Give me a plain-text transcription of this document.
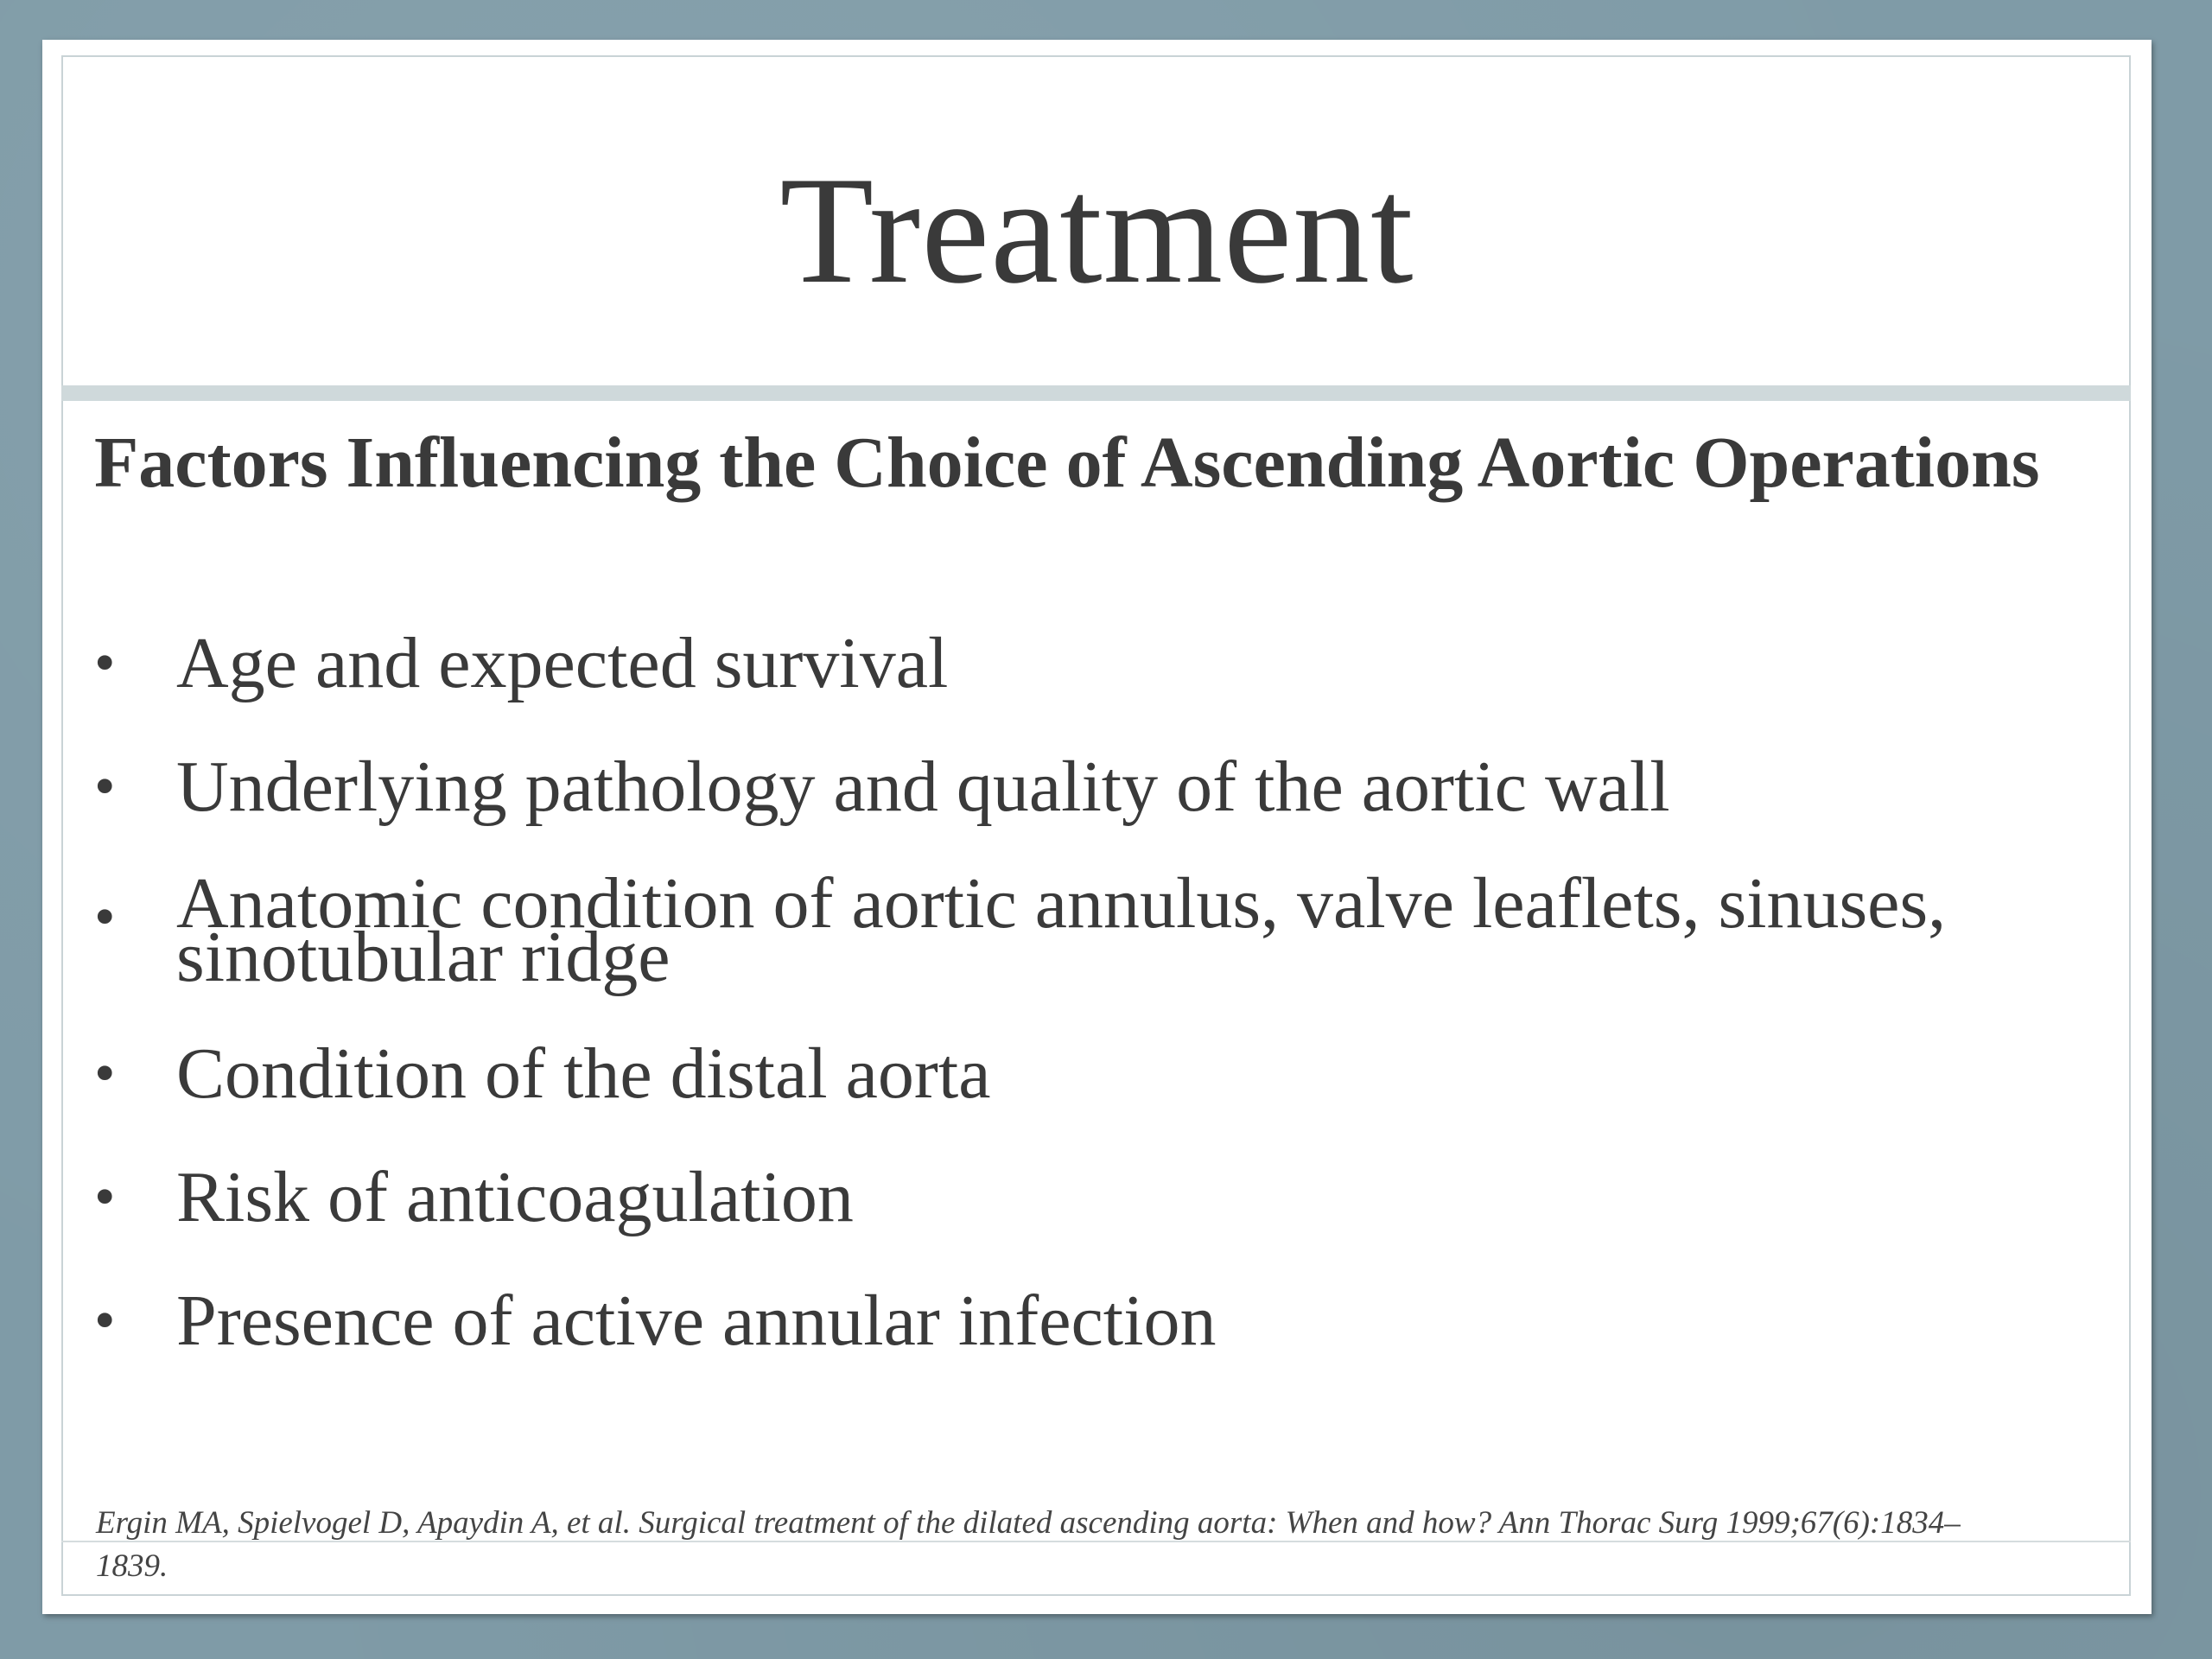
Treatment
Factors Influencing the Choice of Ascending Aortic Operations
• Age and expected survival
• Underlying pathology and quality of the aortic wall
• Anatomic condition of aortic annulus, valve leaflets, sinuses, sinotubular ridge
• Condition of the distal aorta
• Risk of anticoagulation
• Presence of active annular infection
Ergin MA, Spielvogel D, Apaydin A, et al. Surgical treatment of the dilated ascending aorta: When and how? Ann Thorac Surg 1999;67(6):1834–1839.
